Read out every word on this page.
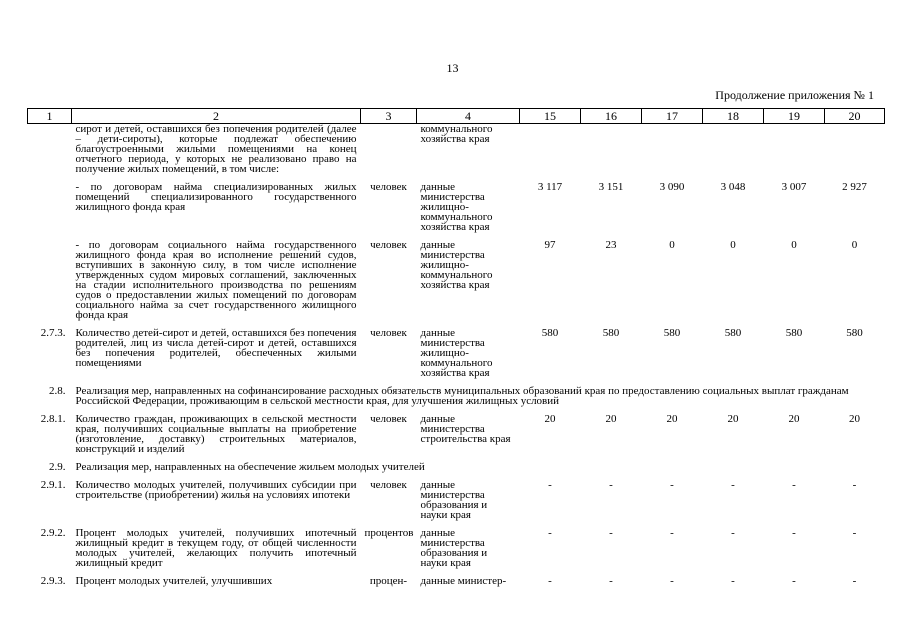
13
Продолжение приложения № 1
1	2	3	4	15	16	17	18	19	20

	сирот и детей, оставшихся без попечения родителей (далее – дети-сироты), которые подлежат обеспечению благоустроенными жилыми помещениями на конец отчетного периода, у которых не реализовано право на получение жилых помещений, в том числе:		коммунального хозяйства края						

	- по договорам найма специализированных жилых помещений специализированного государственного жилищного фонда края	человек	данные министерства жилищно-коммунального хозяйства края	3 117	3 151	3 090	3 048	3 007	2 927

	- по договорам социального найма государственного жилищного фонда края во исполнение решений судов, вступивших в законную силу, в том числе исполнение утвержденных судом мировых соглашений, заключенных на стадии исполнительного производства по решениям судов о предоставлении жилых помещений по договорам социального найма за счет государственного жилищного фонда края	человек	данные министерства жилищно-коммунального хозяйства края	97	23	0	0	0	0

2.7.3.	Количество детей-сирот и детей, оставшихся без попечения родителей, лиц из числа детей-сирот и детей, оставшихся без попечения родителей, обеспеченных жилыми помещениями	человек	данные министерства жилищно-коммунального хозяйства края	580	580	580	580	580	580

2.8.	Реализация мер, направленных на софинансирование расходных обязательств муниципальных образований края по предоставлению социальных выплат гражданам Российской Федерации, проживающим в сельской местности края, для улучшения жилищных условий								

2.8.1.	Количество граждан, проживающих в сельской местности края, получивших социальные выплаты на приобретение (изготовление, доставку) строительных материалов, конструкций и изделий	человек	данные министерства строительства края	20	20	20	20	20	20

2.9.	Реализация мер, направленных на обеспечение жильем молодых учителей								

2.9.1.	Количество молодых учителей, получивших субсидии при строительстве (приобретении) жилья на условиях ипотеки	человек	данные министерства образования и науки края	-	-	-	-	-	-

2.9.2.	Процент молодых учителей, получивших ипотечный жилищный кредит в текущем году, от общей численности молодых учителей, желающих получить ипотечный жилищный кредит	процентов	данные министерства образования и науки края	-	-	-	-	-	-

2.9.3.	Процент молодых учителей, улучшивших	процен-	данные министер-	-	-	-	-	-	-
